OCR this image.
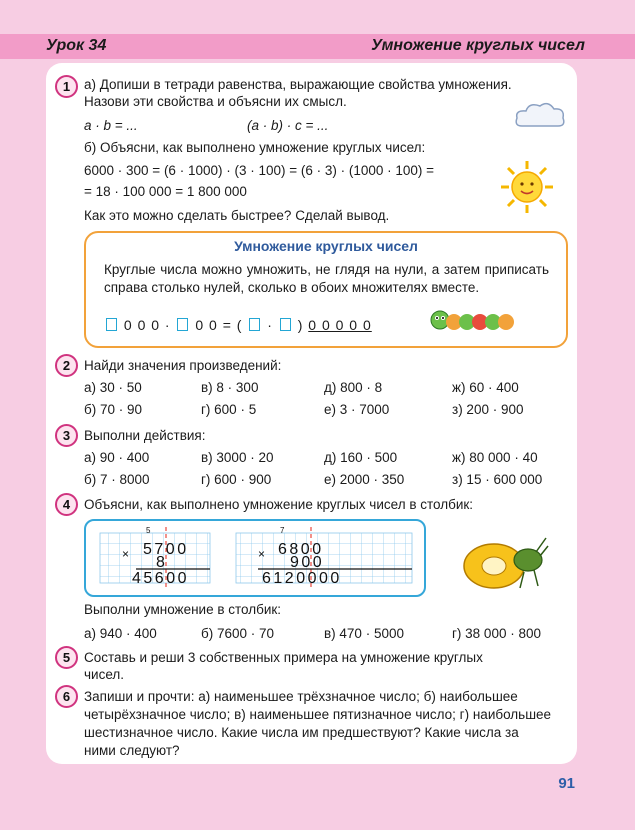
Урок 34	Умножение круглых чисел
1	а) Допиши в тетради равенства, выражающие свойства умножения.
Назови эти свойства и объясни их смысл.
a · b = ...	(a · b) · c = ...
б) Объясни, как выполнено умножение круглых чисел:
6000 · 300 = (6 · 1000) · (3 · 100) = (6 · 3) · (1000 · 100) =
= 18 · 100 000 = 1 800 000
Как это можно сделать быстрее? Сделай вывод.
Умножение круглых чисел
Круглые числа можно умножить, не глядя на нули, а затем приписать справа столько нулей, сколько в обоих множителях вместе.
0 0 0 · 0 0 = ( · ) 0 0 0 0 0
2	Найди значения произведений:
а) 30 · 50	в) 8 · 300	д) 800 · 8	ж) 60 · 400
б) 70 · 90	г) 600 · 5	е) 3 · 7000	з) 200 · 900
3	Выполни действия:
а) 90 · 400	в) 3000 · 20	д) 160 · 500	ж) 80 000 · 40
б) 7 · 8000	г) 600 · 900	е) 2000 · 350	з) 15 · 600 000
4	Объясни, как выполнено умножение круглых чисел в столбик:
5
× 5700
8
45600
7
× 6800
900
6120000
Выполни умножение в столбик:
а) 940 · 400	б) 7600 · 70	в) 470 · 5000	г) 38 000 · 800
5	Составь и реши 3 собственных примера на умножение круглых
чисел.
6	Запиши и прочти: а) наименьшее трёхзначное число; б) наибольшее
четырёхзначное число; в) наименьшее пятизначное число; г) наибольшее
шестизначное число. Какие числа им предшествуют? Какие числа за
ними следуют?
91
